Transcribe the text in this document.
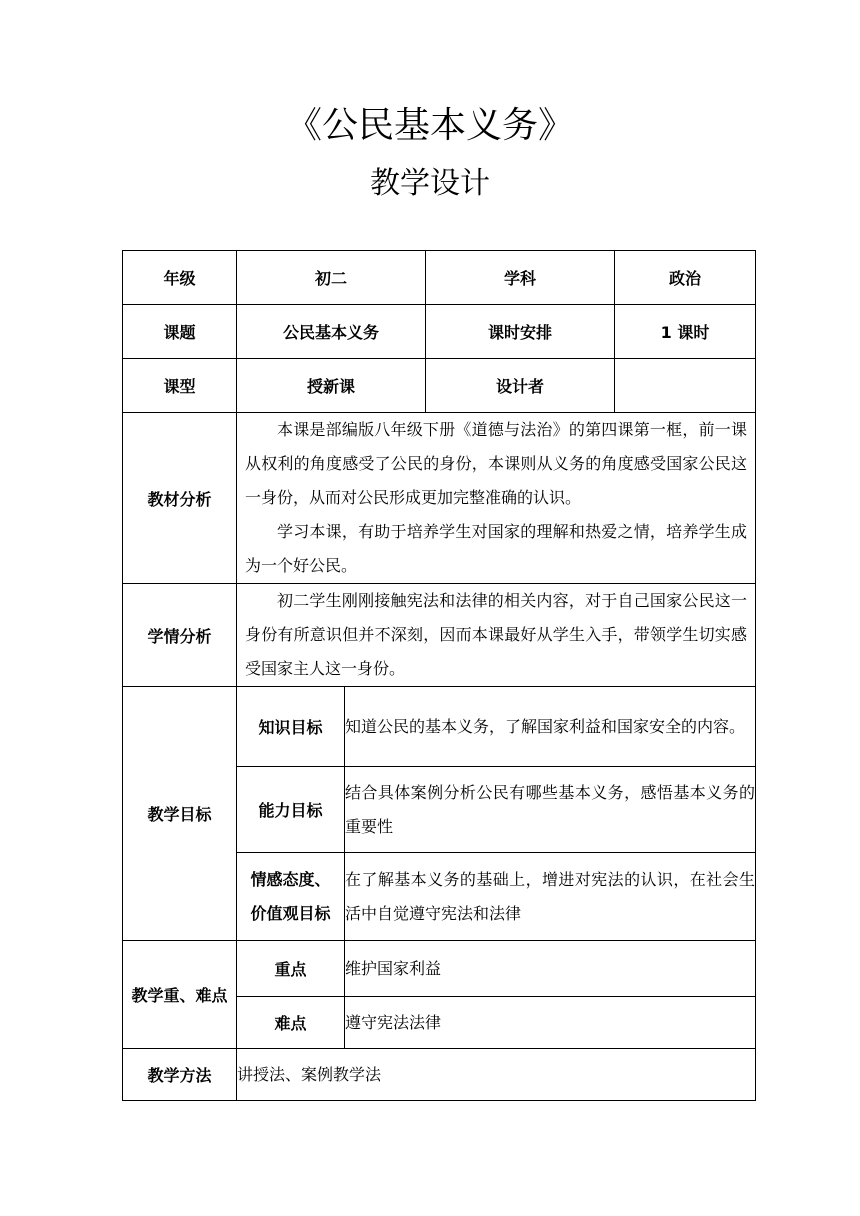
《公民基本义务》
教学设计
年级	初二		学科	政治
课题	公民基本义务		课时安排	1 课时
课型	授新课		设计者	
教材分析	本课是部编版八年级下册《道德与法治》的第四课第一框，前一课从权利的角度感受了公民的身份，本课则从义务的角度感受国家公民这一身份，从而对公民形成更加完整准确的认识。

学习本课，有助于培养学生对国家的理解和热爱之情，培养学生成为一个好公民。			

学情分析	初二学生刚刚接触宪法和法律的相关内容，对于自己国家公民这一身份有所意识但并不深刻，因而本课最好从学生入手，带领学生切实感受国家主人这一身份。			

教学目标	知识目标	知道公民的基本义务，了解国家利益和国家安全的内容。		
	能力目标	结合具体案例分析公民有哪些基本义务，感悟基本义务的重要性		

	情感态度、
价值观目标	在了解基本义务的基础上，增进对宪法的认识，在社会生活中自觉遵守宪法和法律		
教学重、难点	重点	维护国家利益		
	难点	遵守宪法法律		
教学方法	讲授法、案例教学法			
